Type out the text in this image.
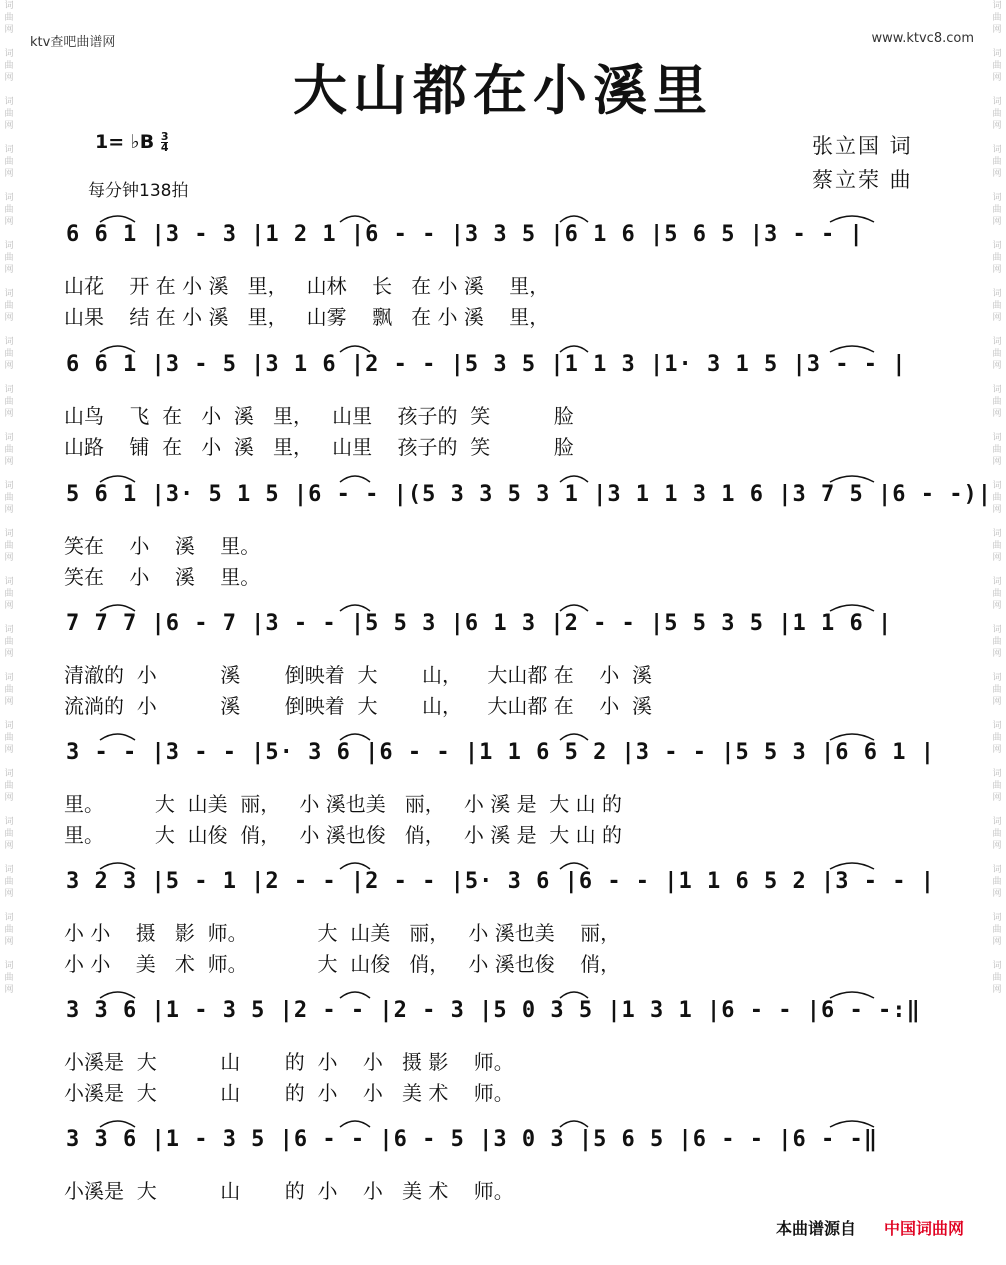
词
曲
网

词
曲
网

词
曲
网

词
曲
网

词
曲
网

词
曲
网

词
曲
网

词
曲
网

词
曲
网

词
曲
网

词
曲
网

词
曲
网

词
曲
网

词
曲
网

词
曲
网

词
曲
网

词
曲
网

词
曲
网

词
曲
网

词
曲
网

词
曲
网

词
曲
网

词
曲
网

词
曲
网

词
曲
网

词
曲
网

词
曲
网

词
曲
网

词
曲
网

词
曲
网

词
曲
网

词
曲
网

词
曲
网

词
曲
网

词
曲
网

词
曲
网

词
曲
网

词
曲
网

词
曲
网

词
曲
网

词
曲
网

词
曲
网

ktv查吧曲谱网	www.ktvc8.com
大山都在小溪里
1= ♭B $\frac{3}{4}$
每分钟138拍
张立国 词
蔡立荣 曲
6 6 1 |3 - 3 |1 2 1 |6 - - |3 3 5 |6 1 6 |5 6 5 |3 - - |
山花    开 在 小 溪   里，   山林    长   在 小 溪    里，
山果    结 在 小 溪   里，   山雾    飘   在 小 溪    里，
6 6 1 |3 - 5 |3 1 6 |2 - - |5 3 5 |1 1 3 |1· 3 1 5 |3 - - |
山鸟    飞  在   小  溪   里，   山里    孩子的  笑          脸
山路    铺  在   小  溪   里，   山里    孩子的  笑          脸
5 6 1 |3· 5 1 5 |6 - - |(5 3 3 5 3 1 |3 1 1 3 1 6 |3 7 5 |6 - -)|
笑在    小    溪    里。
笑在    小    溪    里。
7 7 7 |6 - 7 |3 - - |5 5 3 |6 1 3 |2 - - |5 5 3 5 |1 1 6 |
清澈的  小          溪       倒映着  大       山，    大山都 在    小  溪
流淌的  小          溪       倒映着  大       山，    大山都 在    小  溪
3 - - |3 - - |5· 3 6 |6 - - |1 1 6 5 2 |3 - - |5 5 3 |6 6 1 |
里。        大  山美  丽，   小 溪也美   丽，   小 溪 是  大 山 的
里。        大  山俊  俏，   小 溪也俊   俏，   小 溪 是  大 山 的
3 2 3 |5 - 1 |2 - - |2 - - |5· 3 6 |6 - - |1 1 6 5 2 |3 - - |
小 小    摄   影  师。           大  山美   丽，   小 溪也美    丽，
小 小    美   术  师。           大  山俊   俏，   小 溪也俊    俏，
3 3 6 |1 - 3 5 |2 - - |2 - 3 |5 0 3 5 |1 3 1 |6 - - |6 - -:‖
小溪是  大          山       的  小    小   摄 影    师。
小溪是  大          山       的  小    小   美 术    师。
3 3 6 |1 - 3 5 |6 - - |6 - 5 |3 0 3 |5 6 5 |6 - - |6 - -‖
小溪是  大          山       的  小    小   美 术    师。
本曲谱源自 中国词曲网
